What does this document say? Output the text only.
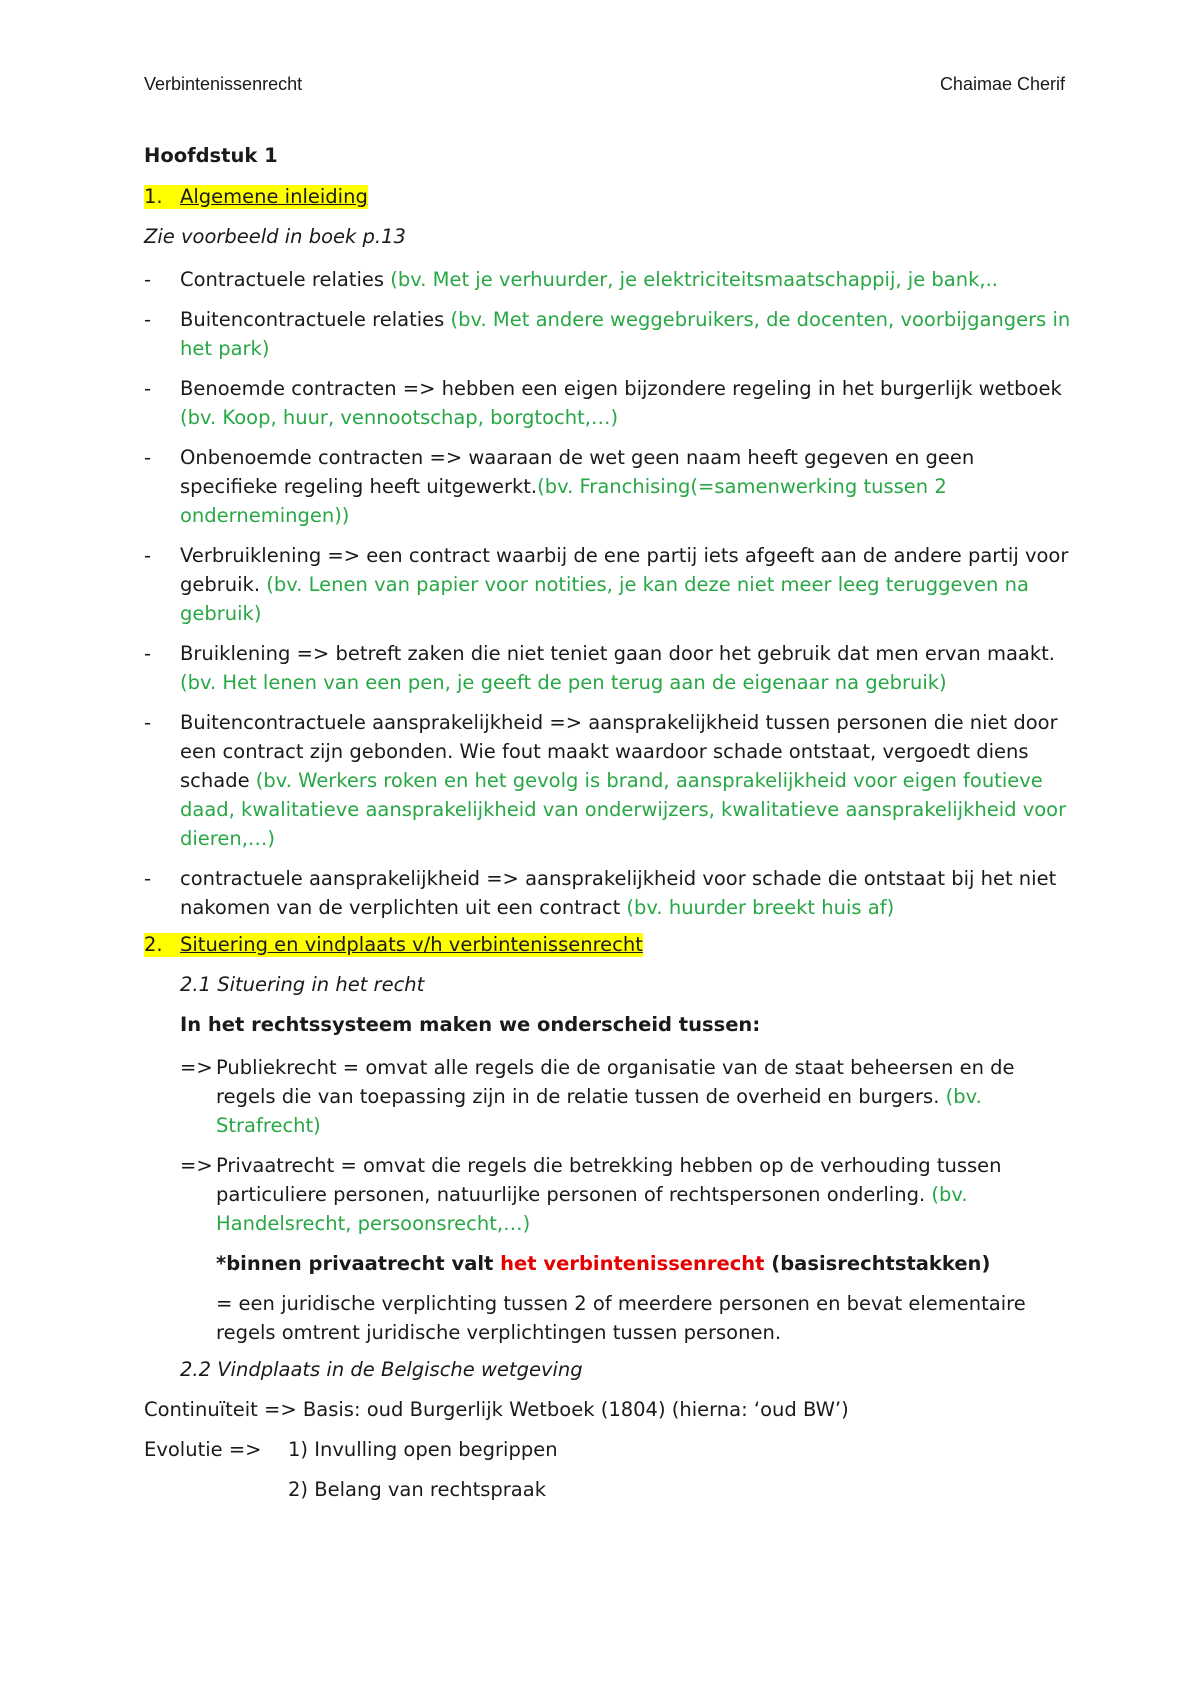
Verbintenissenrecht	Chaimae Cherif
Hoofdstuk 1
1. Algemene inleiding
Zie voorbeeld in boek p.13
-	Contractuele relaties (bv. Met je verhuurder, je elektriciteitsmaatschappij, je bank,..
-	Buitencontractuele relaties (bv. Met andere weggebruikers, de docenten, voorbijgangers in het park)
-	Benoemde contracten => hebben een eigen bijzondere regeling in het burgerlijk wetboek (bv. Koop, huur, vennootschap, borgtocht,…)
-	Onbenoemde contracten => waaraan de wet geen naam heeft gegeven en geen specifieke regeling heeft uitgewerkt.(bv. Franchising(=samenwerking tussen 2 ondernemingen))
-	Verbruiklening => een contract waarbij de ene partij iets afgeeft aan de andere partij voor gebruik. (bv. Lenen van papier voor notities, je kan deze niet meer leeg teruggeven na gebruik)
-	Bruiklening => betreft zaken die niet teniet gaan door het gebruik dat men ervan maakt. (bv. Het lenen van een pen, je geeft de pen terug aan de eigenaar na gebruik)
-	Buitencontractuele aansprakelijkheid => aansprakelijkheid tussen personen die niet door een contract zijn gebonden. Wie fout maakt waardoor schade ontstaat, vergoedt diens schade (bv. Werkers roken en het gevolg is brand, aansprakelijkheid voor eigen foutieve daad, kwalitatieve aansprakelijkheid van onderwijzers, kwalitatieve aansprakelijkheid voor dieren,…)
-	contractuele aansprakelijkheid => aansprakelijkheid voor schade die ontstaat bij het niet nakomen van de verplichten uit een contract (bv. huurder breekt huis af)
2. Situering en vindplaats v/h verbintenissenrecht
2.1 Situering in het recht
In het rechtssysteem maken we onderscheid tussen:
=> Publiekrecht = omvat alle regels die de organisatie van de staat beheersen en de regels die van toepassing zijn in de relatie tussen de overheid en burgers. (bv. Strafrecht)
=> Privaatrecht = omvat die regels die betrekking hebben op de verhouding tussen particuliere personen, natuurlijke personen of rechtspersonen onderling. (bv. Handelsrecht, persoonsrecht,…)
*binnen privaatrecht valt het verbintenissenrecht (basisrechtstakken)
= een juridische verplichting tussen 2 of meerdere personen en bevat elementaire regels omtrent juridische verplichtingen tussen personen.
2.2 Vindplaats in de Belgische wetgeving
Continuïteit => Basis: oud Burgerlijk Wetboek (1804) (hierna: ‘oud BW’)
Evolutie =>	1) Invulling open begrippen
2) Belang van rechtspraak
